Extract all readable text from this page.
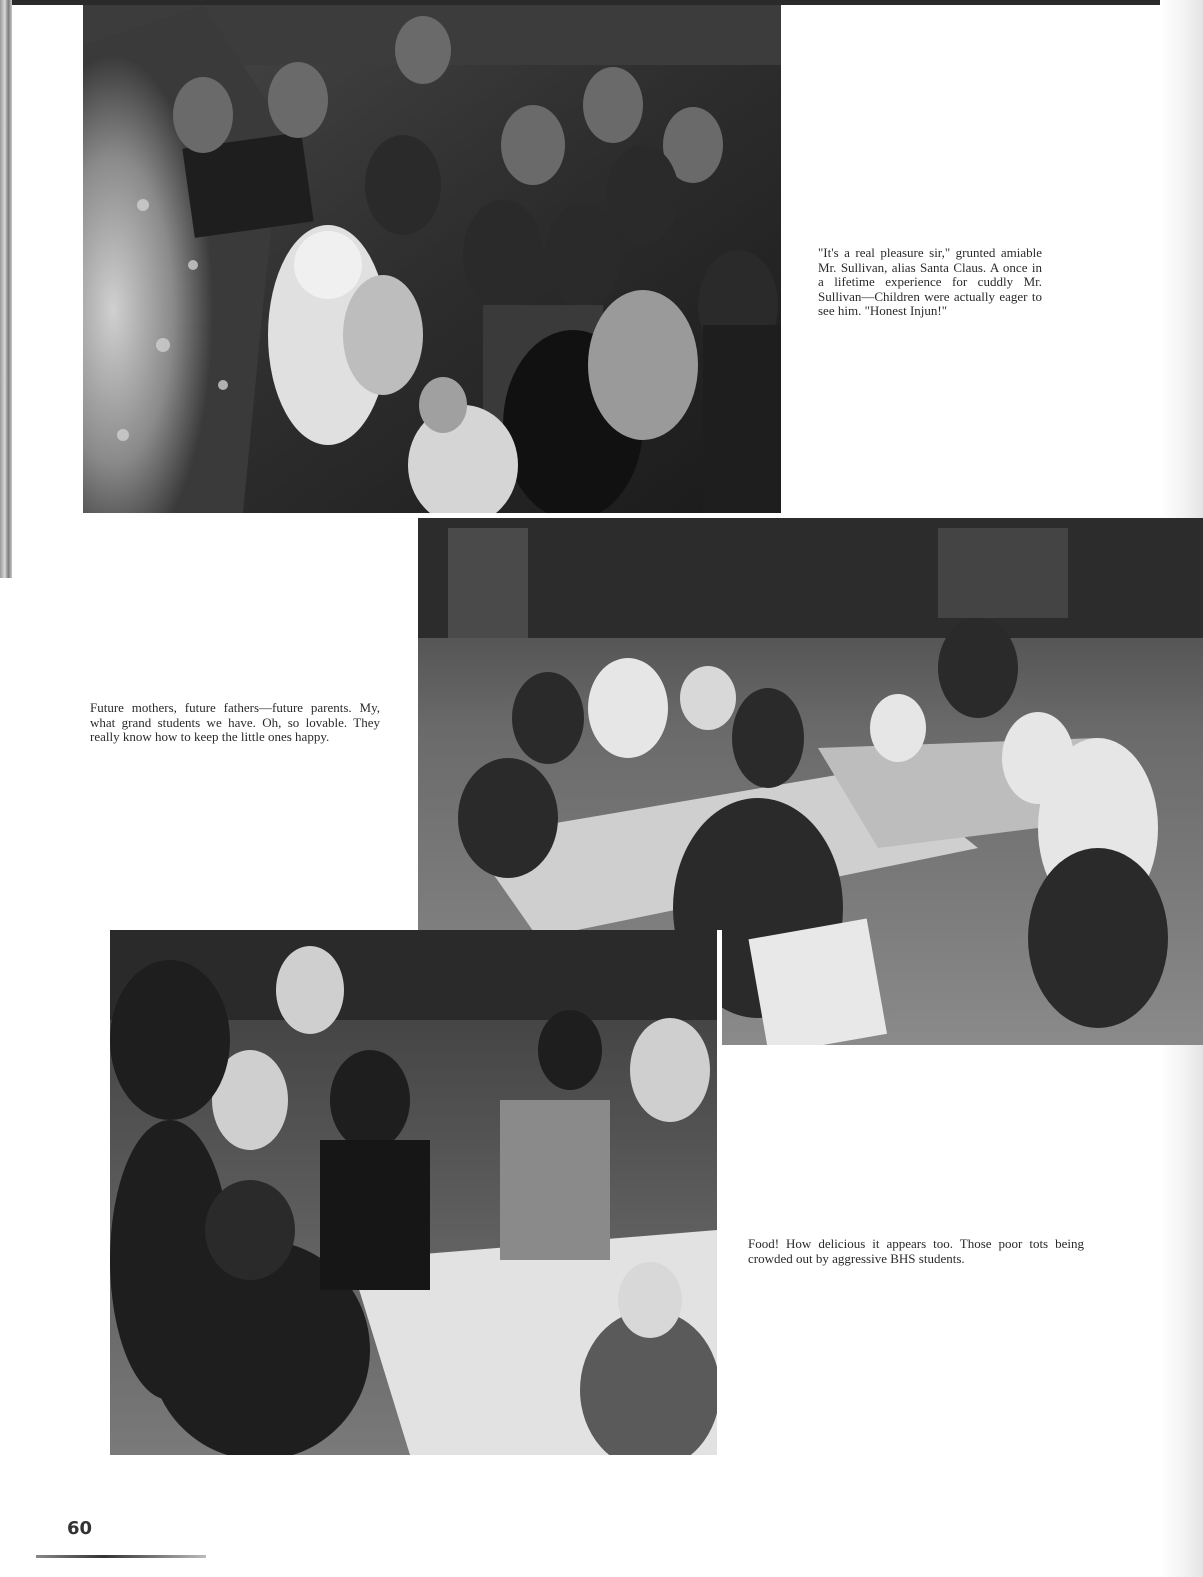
"It's a real pleasure sir," grunted amiable Mr. Sullivan, alias Santa Claus. A once in a lifetime experience for cuddly Mr. Sullivan—Children were actually eager to see him. "Honest Injun!"

Future mothers, future fathers—future parents. My, what grand students we have. Oh, so lovable. They really know how to keep the little ones happy.

Food! How delicious it appears too. Those poor tots being crowded out by aggressive BHS students.

60
